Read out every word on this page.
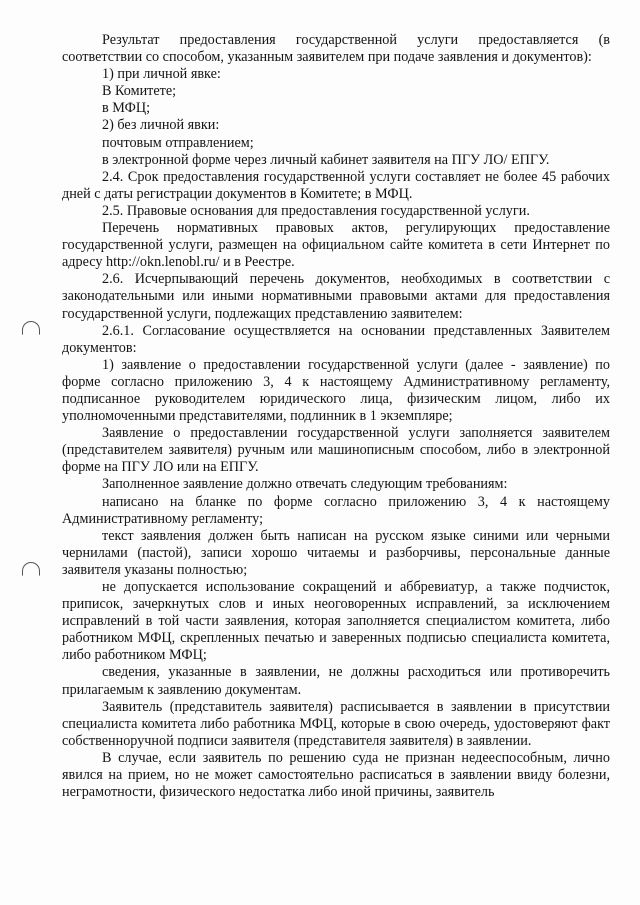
Результат предоставления государственной услуги предоставляется (в соответствии со способом, указанным заявителем при подаче заявления и документов):

1) при личной явке:

В Комитете;

в МФЦ;

2) без личной явки:

почтовым отправлением;

в электронной форме через личный кабинет заявителя на ПГУ ЛО/ ЕПГУ.

2.4. Срок предоставления государственной услуги составляет не более 45 рабочих дней с даты регистрации документов в Комитете; в МФЦ.

2.5. Правовые основания для предоставления государственной услуги.

Перечень нормативных правовых актов, регулирующих предоставление государственной услуги, размещен на официальном сайте комитета в сети Интернет по адресу http://okn.lenobl.ru/ и в Реестре.

2.6. Исчерпывающий перечень документов, необходимых в соответствии с законодательными или иными нормативными правовыми актами для предоставления государственной услуги, подлежащих представлению заявителем:

2.6.1. Согласование осуществляется на основании представленных Заявителем документов:

1) заявление о предоставлении государственной услуги (далее - заявление) по форме согласно приложению 3, 4 к настоящему Административному регламенту, подписанное руководителем юридического лица, физическим лицом, либо их уполномоченными представителями, подлинник в 1 экземпляре;

Заявление о предоставлении государственной услуги заполняется заявителем (представителем заявителя) ручным или машинописным способом, либо в электронной форме на ПГУ ЛО или на ЕПГУ.

Заполненное заявление должно отвечать следующим требованиям:

написано на бланке по форме согласно приложению 3, 4 к настоящему Административному регламенту;

текст заявления должен быть написан на русском языке синими или черными чернилами (пастой), записи хорошо читаемы и разборчивы, персональные данные заявителя указаны полностью;

не допускается использование сокращений и аббревиатур, а также подчисток, приписок, зачеркнутых слов и иных неоговоренных исправлений, за исключением исправлений в той части заявления, которая заполняется специалистом комитета, либо работником МФЦ, скрепленных печатью и заверенных подписью специалиста комитета, либо работником МФЦ;

сведения, указанные в заявлении, не должны расходиться или противоречить прилагаемым к заявлению документам.

Заявитель (представитель заявителя) расписывается в заявлении в присутствии специалиста комитета либо работника МФЦ, которые в свою очередь, удостоверяют факт собственноручной подписи заявителя (представителя заявителя) в заявлении.

В случае, если заявитель по решению суда не признан недееспособным, лично явился на прием, но не может самостоятельно расписаться в заявлении ввиду болезни, неграмотности, физического недостатка либо иной причины, заявитель
